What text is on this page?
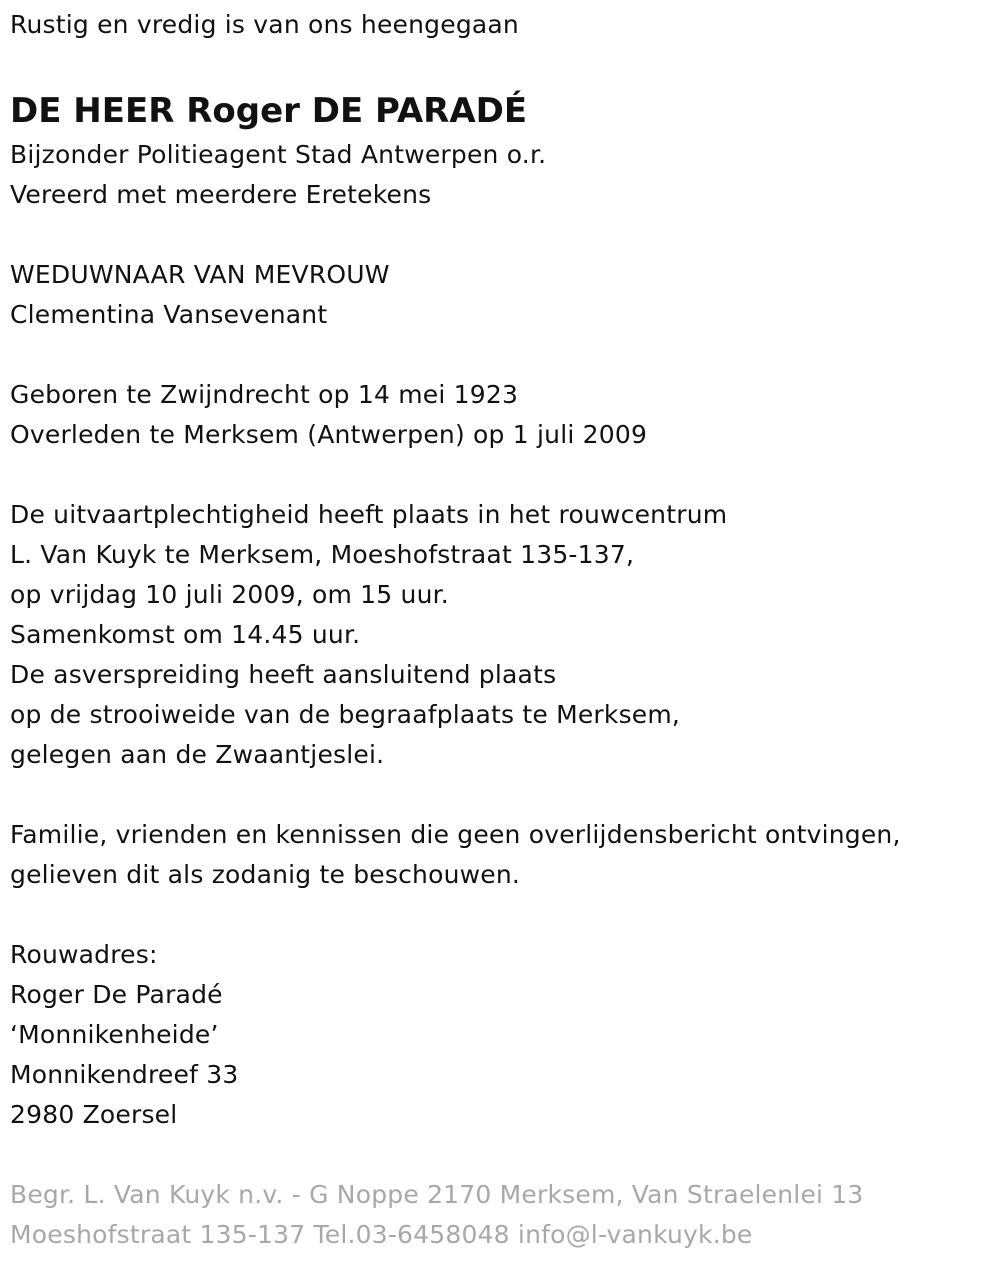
Rustig en vredig is van ons heengegaan
DE HEER Roger DE PARADÉ
Bijzonder Politieagent Stad Antwerpen o.r.
Vereerd met meerdere Eretekens
WEDUWNAAR VAN MEVROUW
Clementina Vansevenant
Geboren te Zwijndrecht op 14 mei 1923
Overleden te Merksem (Antwerpen) op 1 juli 2009
De uitvaartplechtigheid heeft plaats in het rouwcentrum
L. Van Kuyk te Merksem, Moeshofstraat 135-137,
op vrijdag 10 juli 2009, om 15 uur.
Samenkomst om 14.45 uur.
De asverspreiding heeft aansluitend plaats
op de strooiweide van de begraafplaats te Merksem,
gelegen aan de Zwaantjeslei.
Familie, vrienden en kennissen die geen overlijdensbericht ontvingen,
gelieven dit als zodanig te beschouwen.
Rouwadres:
Roger De Paradé
‘Monnikenheide’
Monnikendreef 33
2980 Zoersel
Begr. L. Van Kuyk n.v. - G Noppe 2170 Merksem, Van Straelenlei 13
Moeshofstraat 135-137 Tel.03-6458048 info@l-vankuyk.be
